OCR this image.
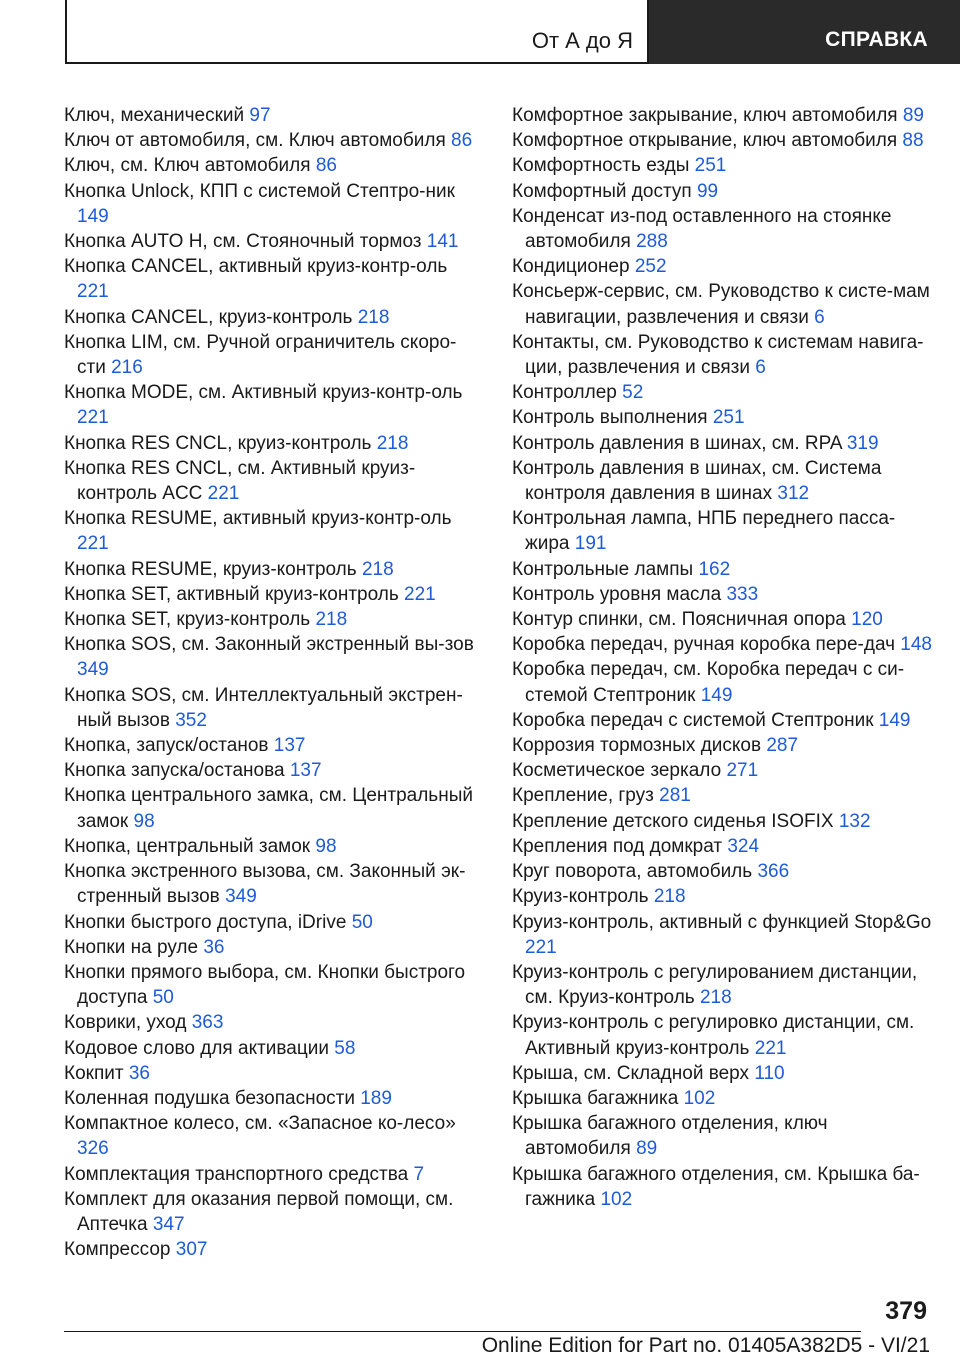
От А до Я	СПРАВКА
Ключ, механический 97
Ключ от автомобиля, см. Ключ автомобиля 86
Ключ, см. Ключ автомобиля 86
Кнопка Unlock, КПП с системой Стептро-ник 149
Кнопка AUTO H, см. Стояночный тормоз 141
Кнопка CANCEL, активный круиз-контр-оль 221
Кнопка CANCEL, круиз-контроль 218
Кнопка LIM, см. Ручной ограничитель скоро-сти 216
Кнопка MODE, см. Активный круиз-контр-оль 221
Кнопка RES CNCL, круиз-контроль 218
Кнопка RES CNCL, см. Активный круиз-контроль ACC 221
Кнопка RESUME, активный круиз-контр-оль 221
Кнопка RESUME, круиз-контроль 218
Кнопка SET, активный круиз-контроль 221
Кнопка SET, круиз-контроль 218
Кнопка SOS, см. Законный экстренный вы-зов 349
Кнопка SOS, см. Интеллектуальный экстрен-ный вызов 352
Кнопка, запуск/останов 137
Кнопка запуска/останова 137
Кнопка центрального замка, см. Центральный замок 98
Кнопка, центральный замок 98
Кнопка экстренного вызова, см. Законный эк-стренный вызов 349
Кнопки быстрого доступа, iDrive 50
Кнопки на руле 36
Кнопки прямого выбора, см. Кнопки быстрого доступа 50
Коврики, уход 363
Кодовое слово для активации 58
Кокпит 36
Коленная подушка безопасности 189
Компактное колесо, см. «Запасное ко-лесо» 326
Комплектация транспортного средства 7
Комплект для оказания первой помощи, см. Аптечка 347
Компрессор 307
Комфортное закрывание, ключ автомобиля 89
Комфортное открывание, ключ автомобиля 88
Комфортность езды 251
Комфортный доступ 99
Конденсат из-под оставленного на стоянке автомобиля 288
Кондиционер 252
Консьерж-сервис, см. Руководство к систе-мам навигации, развлечения и связи 6
Контакты, см. Руководство к системам навига-ции, развлечения и связи 6
Контроллер 52
Контроль выполнения 251
Контроль давления в шинах, см. RPA 319
Контроль давления в шинах, см. Система контроля давления в шинах 312
Контрольная лампа, НПБ переднего пасса-жира 191
Контрольные лампы 162
Контроль уровня масла 333
Контур спинки, см. Поясничная опора 120
Коробка передач, ручная коробка пере-дач 148
Коробка передач, см. Коробка передач с си-стемой Стептроник 149
Коробка передач с системой Стептроник 149
Коррозия тормозных дисков 287
Косметическое зеркало 271
Крепление, груз 281
Крепление детского сиденья ISOFIX 132
Крепления под домкрат 324
Круг поворота, автомобиль 366
Круиз-контроль 218
Круиз-контроль, активный с функцией Stop&Go 221
Круиз-контроль с регулированием дистанции, см. Круиз-контроль 218
Круиз-контроль с регулировко дистанции, см. Активный круиз-контроль 221
Крыша, см. Складной верх 110
Крышка багажника 102
Крышка багажного отделения, ключ автомобиля 89
Крышка багажного отделения, см. Крышка ба-гажника 102
379
Online Edition for Part no. 01405A382D5 - VI/21
